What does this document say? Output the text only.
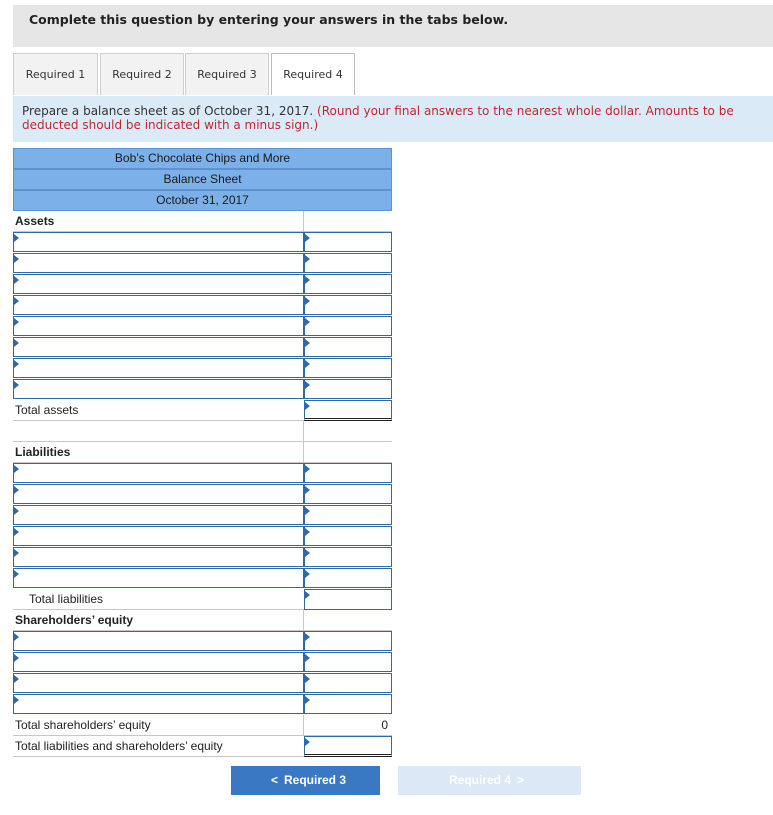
Complete this question by entering your answers in the tabs below.
Required 1	Required 2	Required 3	Required 4
Prepare a balance sheet as of October 31, 2017. (Round your final answers to the nearest whole dollar. Amounts to be deducted should be indicated with a minus sign.)
Bob’s Chocolate Chips and More
Balance Sheet
October 31, 2017
Assets
Total assets
Liabilities
Total liabilities
Shareholders’ equity
Total shareholders’ equity	0
Total liabilities and shareholders’ equity
< Required 3	Required 4 >
